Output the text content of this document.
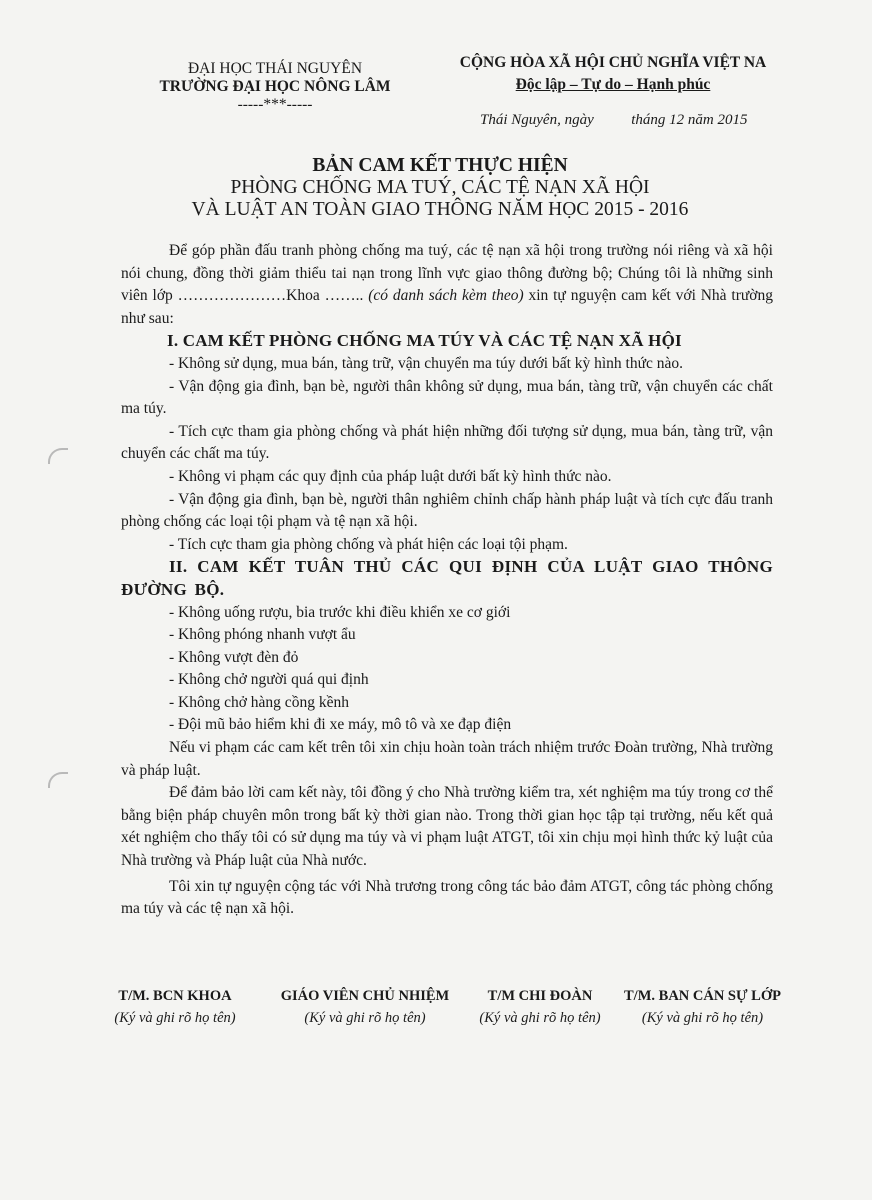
ĐẠI HỌC THÁI NGUYÊN
TRƯỜNG ĐẠI HỌC NÔNG LÂM
-----***-----
CỘNG HÒA XÃ HỘI CHỦ NGHĨA VIỆT NA
Độc lập – Tự do – Hạnh phúc
Thái Nguyên, ngày	tháng 12 năm 2015
BẢN CAM KẾT THỰC HIỆN
PHÒNG CHỐNG MA TUÝ, CÁC TỆ NẠN XÃ HỘI
VÀ LUẬT AN TOÀN GIAO THÔNG NĂM HỌC 2015 - 2016

Để góp phần đấu tranh phòng chống ma tuý, các tệ nạn xã hội trong trường nói riêng và xã hội nói chung, đồng thời giảm thiểu tai nạn trong lĩnh vực giao thông đường bộ; Chúng tôi là những sinh viên lớp …………………Khoa …….. (có danh sách kèm theo) xin tự nguyện cam kết với Nhà trường như sau:

I. CAM KẾT PHÒNG CHỐNG MA TÚY VÀ CÁC TỆ NẠN XÃ HỘI

- Không sử dụng, mua bán, tàng trữ, vận chuyển ma túy dưới bất kỳ hình thức nào.

- Vận động gia đình, bạn bè, người thân không sử dụng, mua bán, tàng trữ, vận chuyển các chất ma túy.

- Tích cực tham gia phòng chống và phát hiện những đối tượng sử dụng, mua bán, tàng trữ, vận chuyển các chất ma túy.

- Không vi phạm các quy định của pháp luật dưới bất kỳ hình thức nào.

- Vận động gia đình, bạn bè, người thân nghiêm chỉnh chấp hành pháp luật và tích cực đấu tranh phòng chống các loại tội phạm và tệ nạn xã hội.

- Tích cực tham gia phòng chống và phát hiện các loại tội phạm.

II. CAM KẾT TUÂN THỦ CÁC QUI ĐỊNH CỦA LUẬT GIAO THÔNG ĐƯỜNG BỘ.

- Không uống rượu, bia trước khi điều khiển xe cơ giới

- Không phóng nhanh vượt ẩu

- Không vượt đèn đỏ

- Không chở người quá qui định

- Không chở hàng cồng kềnh

- Đội mũ bảo hiểm khi đi xe máy, mô tô và xe đạp điện

Nếu vi phạm các cam kết trên tôi xin chịu hoàn toàn trách nhiệm trước Đoàn trường, Nhà trường và pháp luật.

Để đảm bảo lời cam kết này, tôi đồng ý cho Nhà trường kiểm tra, xét nghiệm ma túy trong cơ thể bằng biện pháp chuyên môn trong bất kỳ thời gian nào. Trong thời gian học tập tại trường, nếu kết quả xét nghiệm cho thấy tôi có sử dụng ma túy và vi phạm luật ATGT, tôi xin chịu mọi hình thức kỷ luật của Nhà trường và Pháp luật của Nhà nước.

Tôi xin tự nguyện cộng tác với Nhà trương trong công tác bảo đảm ATGT, công tác phòng chống ma túy và các tệ nạn xã hội.

T/M. BCN KHOA
(Ký và ghi rõ họ tên)
GIÁO VIÊN CHỦ NHIỆM
(Ký và ghi rõ họ tên)
T/M CHI ĐOÀN
(Ký và ghi rõ họ tên)
T/M. BAN CÁN SỰ LỚP
(Ký và ghi rõ họ tên)
